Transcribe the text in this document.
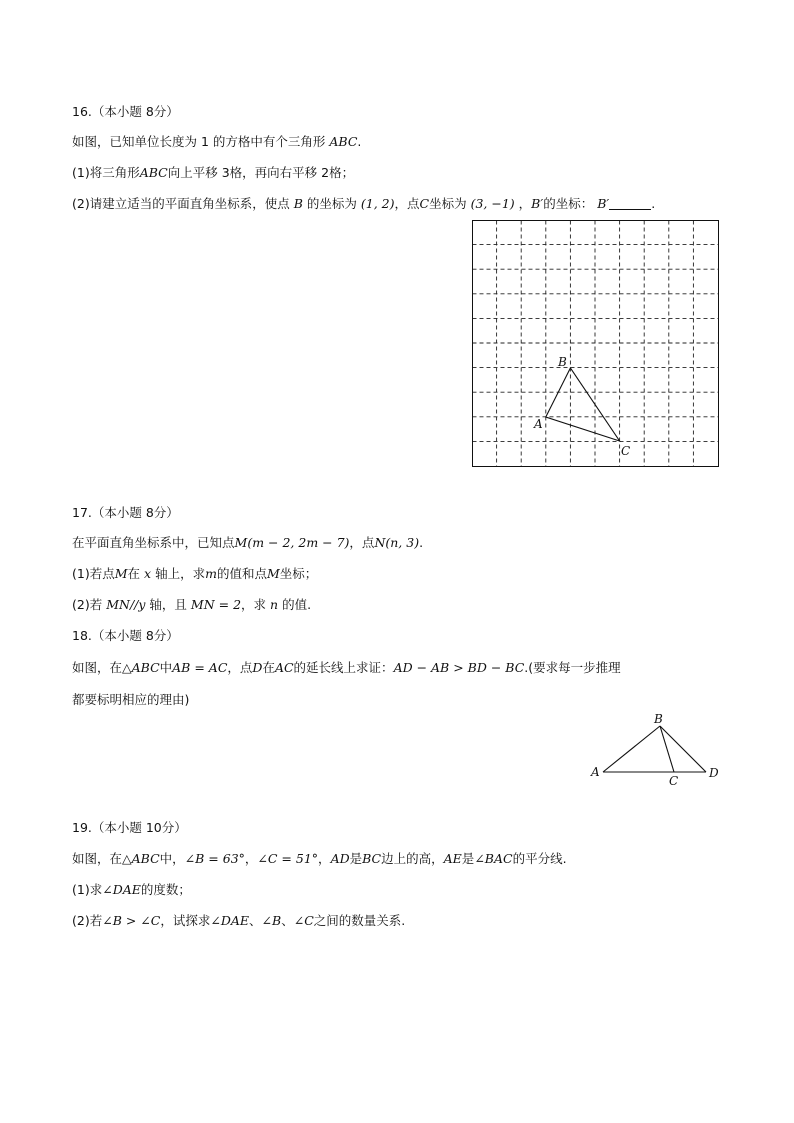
16.（本小题 8分）
如图，已知单位长度为 1 的方格中有个三角形 ABC.
(1)将三角形ABC向上平移 3格，再向右平移 2格；
(2)请建立适当的平面直角坐标系，使点 B 的坐标为 (1, 2)，点C坐标为 (3, −1) ，B′的坐标： B′	.
A
B
C
17.（本小题 8分）
在平面直角坐标系中，已知点M(m − 2, 2m − 7)，点N(n, 3).
(1)若点M在 x 轴上，求m的值和点M坐标；
(2)若 MN//y 轴，且 MN = 2，求 n 的值.
18.（本小题 8分）
如图，在△ABC中AB = AC，点D在AC的延长线上求证：AD − AB > BD − BC.(要求每一步推理
都要标明相应的理由)
A
B
C
D
19.（本小题 10分）
如图，在△ABC中，∠B = 63°，∠C = 51°，AD是BC边上的高，AE是∠BAC的平分线.
(1)求∠DAE的度数；
(2)若∠B > ∠C，试探求∠DAE、∠B、∠C之间的数量关系.
